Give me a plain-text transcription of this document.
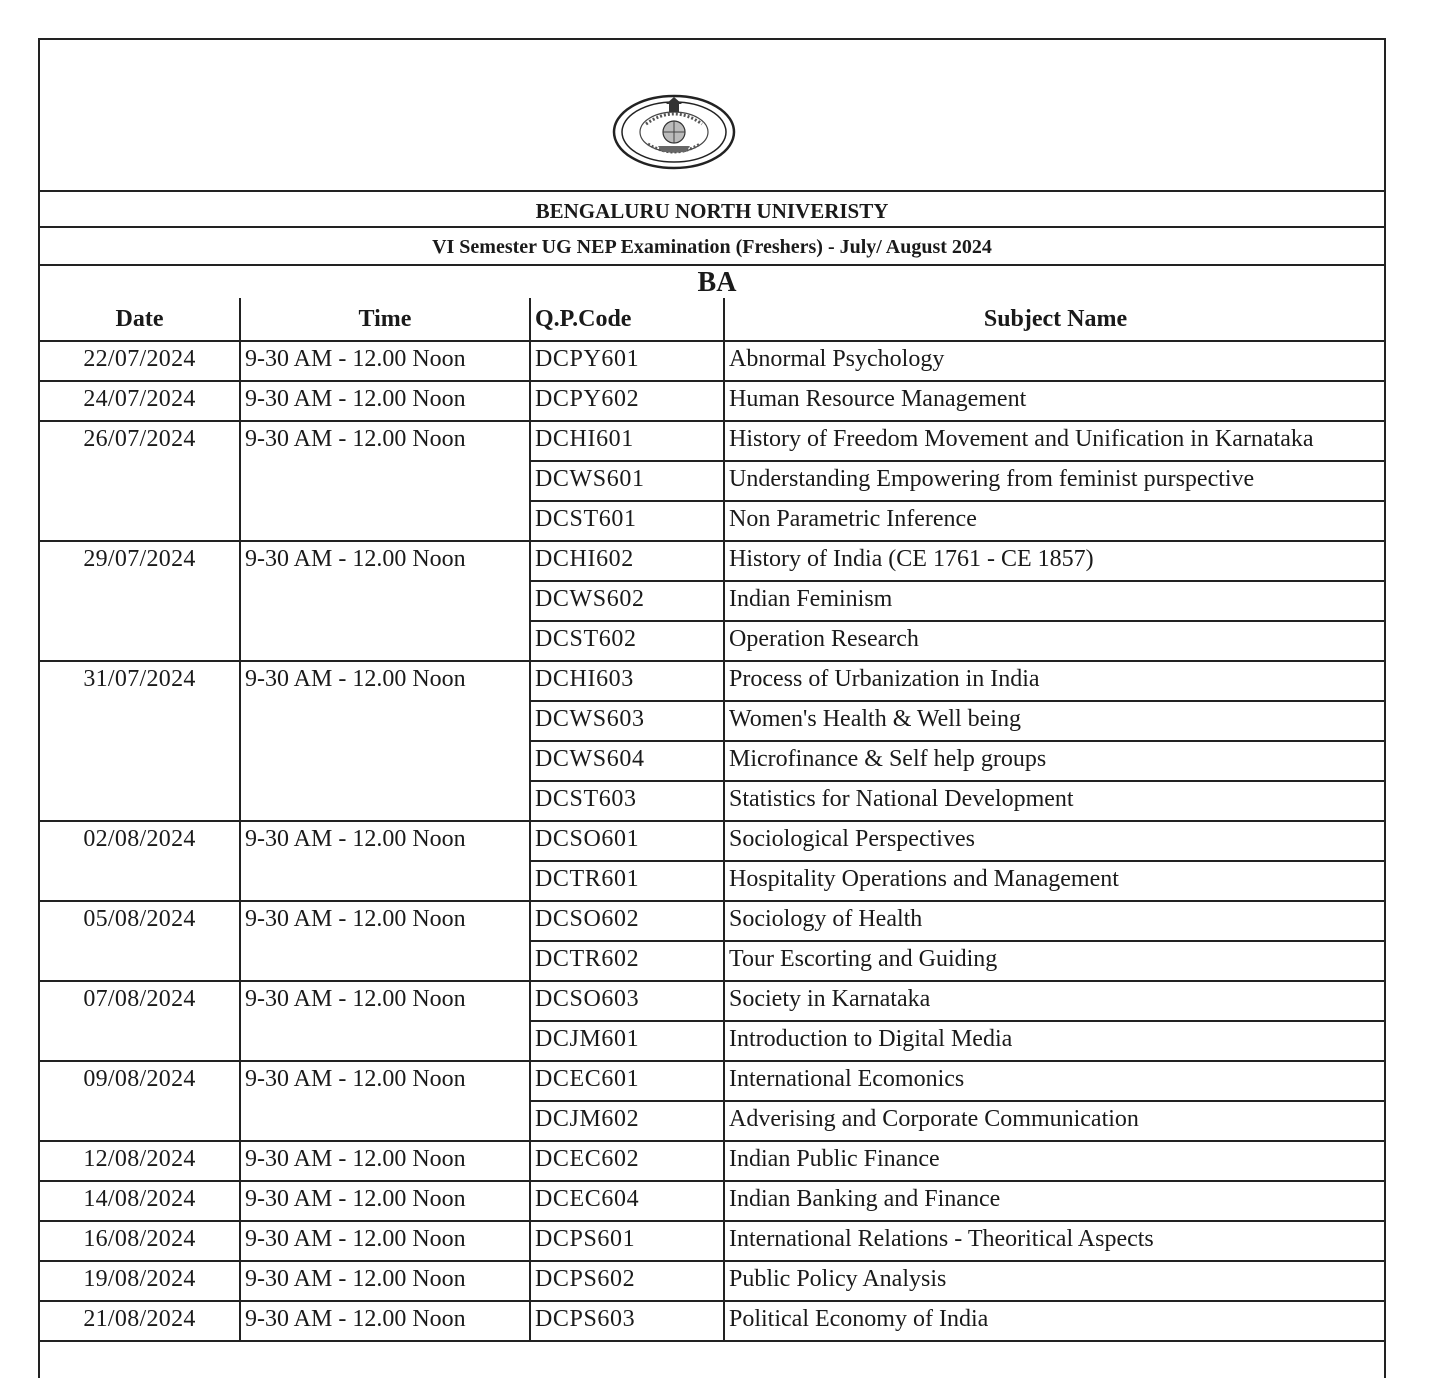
BENGALURU NORTH UNIVERISTY
VI Semester UG NEP Examination (Freshers) - July/ August 2024
BA
Date	Time	Q.P.Code	Subject Name
22/07/2024	9-30 AM - 12.00 Noon	DCPY601	Abnormal Psychology
24/07/2024	9-30 AM - 12.00 Noon	DCPY602	Human Resource Management
26/07/2024	9-30 AM - 12.00 Noon	DCHI601	History of Freedom Movement and Unification in Karnataka
		DCWS601	Understanding Empowering from feminist purspective
		DCST601	Non Parametric Inference
29/07/2024	9-30 AM - 12.00 Noon	DCHI602	History of India (CE 1761 - CE 1857)
		DCWS602	Indian Feminism
		DCST602	Operation Research
31/07/2024	9-30 AM - 12.00 Noon	DCHI603	Process of Urbanization in India
		DCWS603	Women's Health & Well being
		DCWS604	Microfinance & Self help groups
		DCST603	Statistics for National Development
02/08/2024	9-30 AM - 12.00 Noon	DCSO601	Sociological Perspectives
		DCTR601	Hospitality Operations and Management
05/08/2024	9-30 AM - 12.00 Noon	DCSO602	Sociology of Health
		DCTR602	Tour Escorting and Guiding
07/08/2024	9-30 AM - 12.00 Noon	DCSO603	Society in Karnataka
		DCJM601	Introduction to Digital Media
09/08/2024	9-30 AM - 12.00 Noon	DCEC601	International Ecomonics
		DCJM602	Adverising and Corporate Communication
12/08/2024	9-30 AM - 12.00 Noon	DCEC602	Indian Public Finance
14/08/2024	9-30 AM - 12.00 Noon	DCEC604	Indian Banking and Finance
16/08/2024	9-30 AM - 12.00 Noon	DCPS601	International Relations - Theoritical Aspects
19/08/2024	9-30 AM - 12.00 Noon	DCPS602	Public Policy Analysis
21/08/2024	9-30 AM - 12.00 Noon	DCPS603	Political Economy of India
